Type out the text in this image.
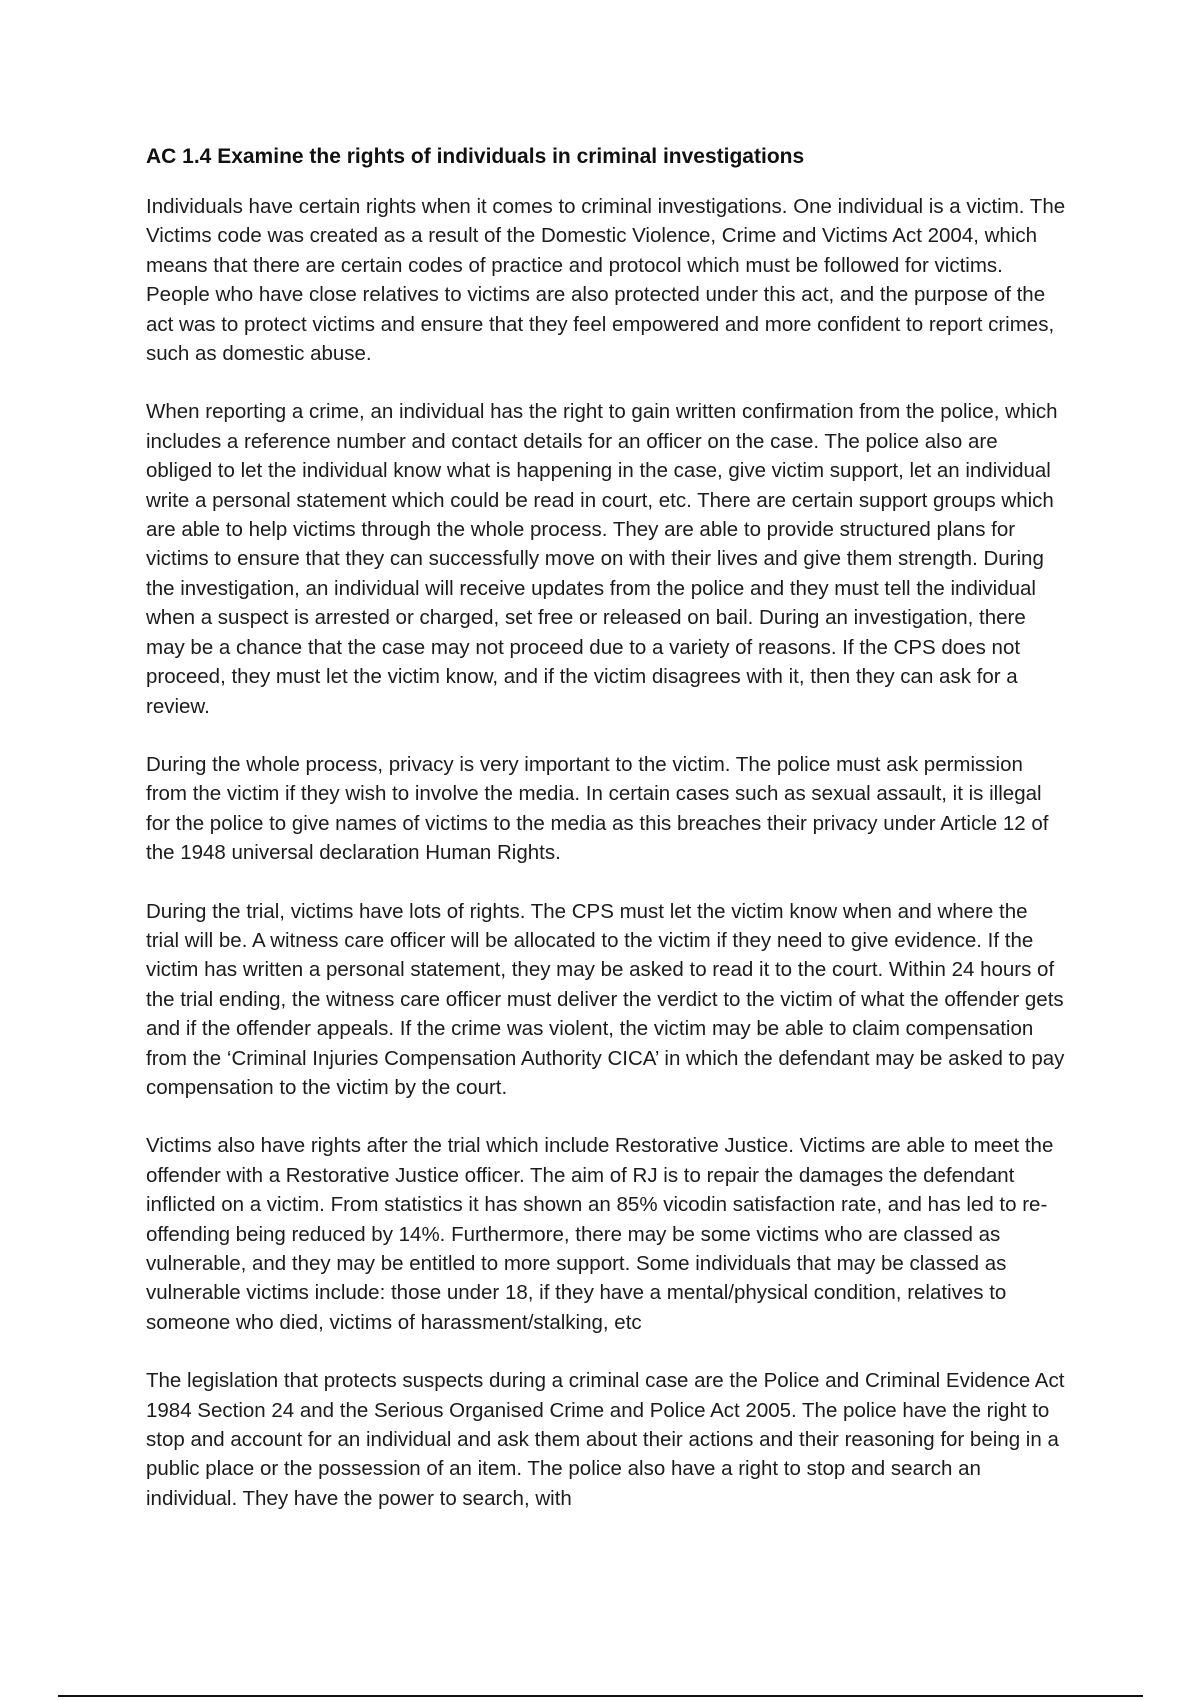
AC 1.4 Examine the rights of individuals in criminal investigations

Individuals have certain rights when it comes to criminal investigations. One individual is a victim. The Victims code was created as a result of the Domestic Violence, Crime and Victims Act 2004, which means that there are certain codes of practice and protocol which must be followed for victims. People who have close relatives to victims are also protected under this act, and the purpose of the act was to protect victims and ensure that they feel empowered and more confident to report crimes, such as domestic abuse.

When reporting a crime, an individual has the right to gain written confirmation from the police, which includes a reference number and contact details for an officer on the case. The police also are obliged to let the individual know what is happening in the case, give victim support, let an individual write a personal statement which could be read in court, etc. There are certain support groups which are able to help victims through the whole process. They are able to provide structured plans for victims to ensure that they can successfully move on with their lives and give them strength. During the investigation, an individual will receive updates from the police and they must tell the individual when a suspect is arrested or charged, set free or released on bail. During an investigation, there may be a chance that the case may not proceed due to a variety of reasons. If the CPS does not proceed, they must let the victim know, and if the victim disagrees with it, then they can ask for a review.

During the whole process, privacy is very important to the victim. The police must ask permission from the victim if they wish to involve the media. In certain cases such as sexual assault, it is illegal for the police to give names of victims to the media as this breaches their privacy under Article 12 of the 1948 universal declaration Human Rights.

During the trial, victims have lots of rights. The CPS must let the victim know when and where the trial will be. A witness care officer will be allocated to the victim if they need to give evidence. If the victim has written a personal statement, they may be asked to read it to the court. Within 24 hours of the trial ending, the witness care officer must deliver the verdict to the victim of what the offender gets and if the offender appeals. If the crime was violent, the victim may be able to claim compensation from the ‘Criminal Injuries Compensation Authority CICA’ in which the defendant may be asked to pay compensation to the victim by the court.

Victims also have rights after the trial which include Restorative Justice. Victims are able to meet the offender with a Restorative Justice officer. The aim of RJ is to repair the damages the defendant inflicted on a victim. From statistics it has shown an 85% vicodin satisfaction rate, and has led to re-offending being reduced by 14%. Furthermore, there may be some victims who are classed as vulnerable, and they may be entitled to more support. Some individuals that may be classed as vulnerable victims include: those under 18, if they have a mental/physical condition, relatives to someone who died, victims of harassment/stalking, etc

The legislation that protects suspects during a criminal case are the Police and Criminal Evidence Act 1984 Section 24 and the Serious Organised Crime and Police Act 2005. The police have the right to stop and account for an individual and ask them about their actions and their reasoning for being in a public place or the possession of an item. The police also have a right to stop and search an individual. They have the power to search, with
